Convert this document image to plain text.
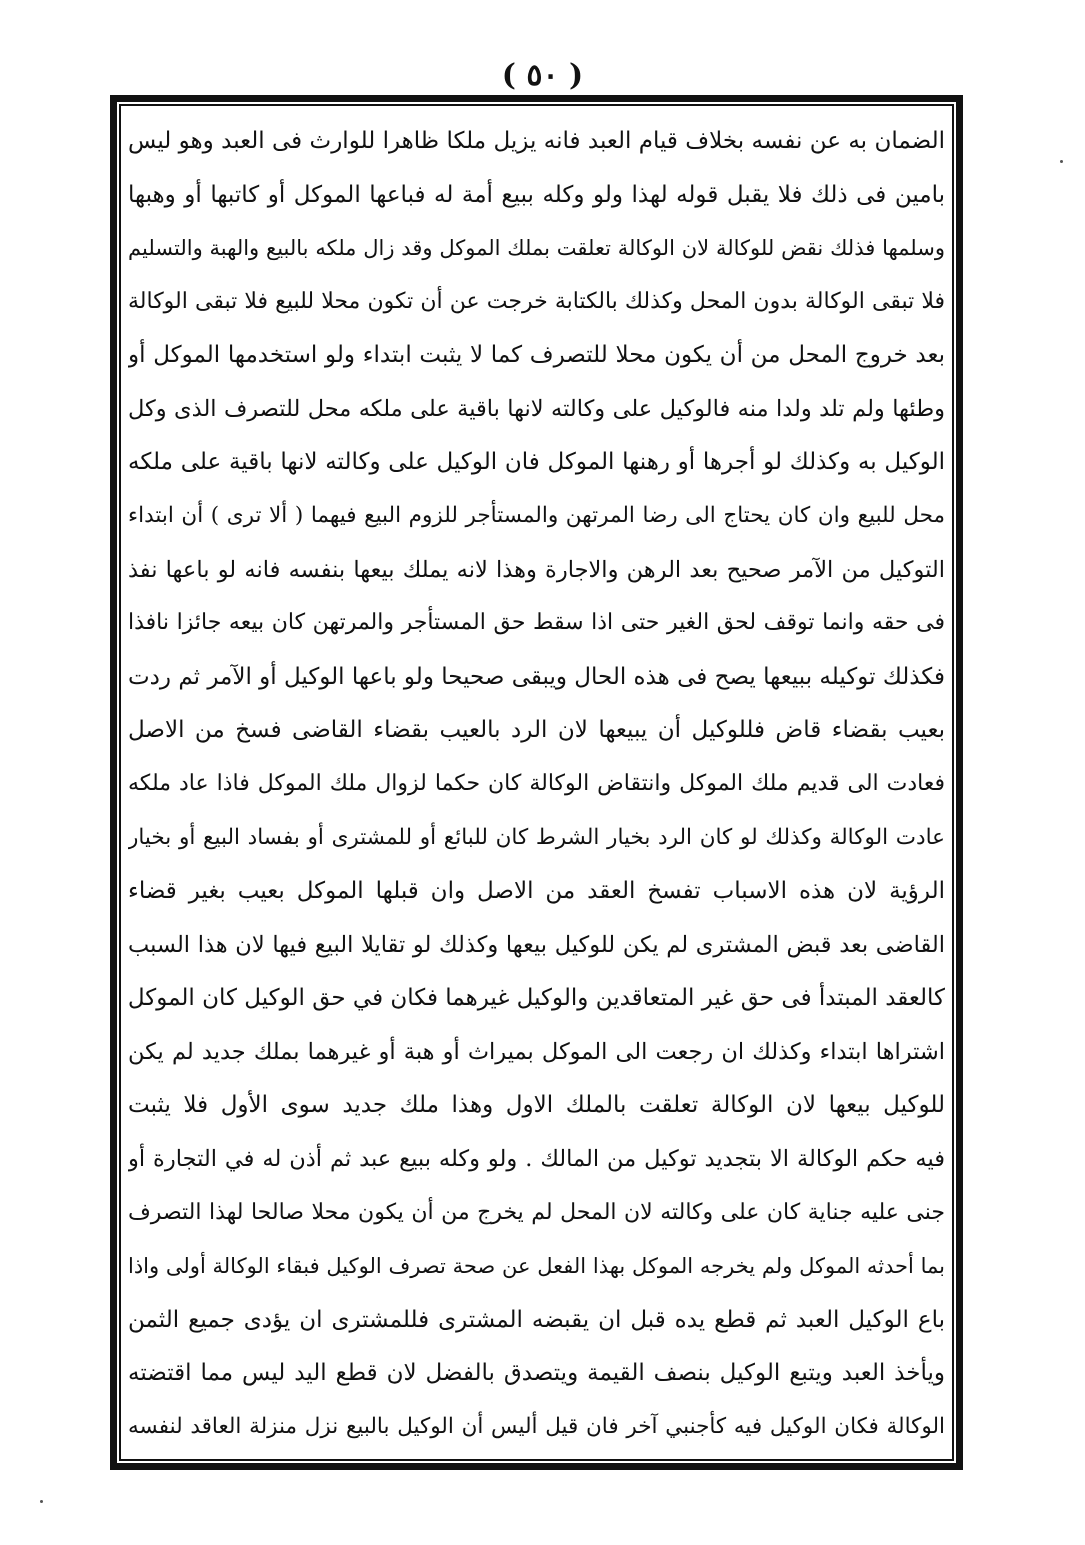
( ٥٠ )
الضمان به عن نفسه بخلاف قيام العبد فانه يزيل ملكا ظاهرا للوارث فى العبد وهو ليس
بامين فى ذلك فلا يقبل قوله لهذا ولو وكله ببيع أمة له فباعها الموكل أو كاتبها أو وهبها
وسلمها فذلك نقض للوكالة لان الوكالة تعلقت بملك الموكل وقد زال ملكه بالبيع والهبة والتسليم
فلا تبقى الوكالة بدون المحل وكذلك بالكتابة خرجت عن أن تكون محلا للبيع فلا تبقى الوكالة
بعد خروج المحل من أن يكون محلا للتصرف كما لا يثبت ابتداء ولو استخدمها الموكل أو
وطئها ولم تلد ولدا منه فالوكيل على وكالته لانها باقية على ملكه محل للتصرف الذى وكل
الوكيل به وكذلك لو أجرها أو رهنها الموكل فان الوكيل على وكالته لانها باقية على ملكه
محل للبيع وان كان يحتاج الى رضا المرتهن والمستأجر للزوم البيع فيهما ( ألا ترى ) أن ابتداء
التوكيل من الآمر صحيح بعد الرهن والاجارة وهذا لانه يملك بيعها بنفسه فانه لو باعها نفذ
فى حقه وانما توقف لحق الغير حتى اذا سقط حق المستأجر والمرتهن كان بيعه جائزا نافذا
فكذلك توكيله ببيعها يصح فى هذه الحال ويبقى صحيحا ولو باعها الوكيل أو الآمر ثم ردت
بعيب بقضاء قاض فللوكيل أن يبيعها لان الرد بالعيب بقضاء القاضى فسخ من الاصل
فعادت الى قديم ملك الموكل وانتقاض الوكالة كان حكما لزوال ملك الموكل فاذا عاد ملكه
عادت الوكالة وكذلك لو كان الرد بخيار الشرط كان للبائع أو للمشترى أو بفساد البيع أو بخيار
الرؤية لان هذه الاسباب تفسخ العقد من الاصل وان قبلها الموكل بعيب بغير قضاء
القاضى بعد قبض المشترى لم يكن للوكيل بيعها وكذلك لو تقايلا البيع فيها لان هذا السبب
كالعقد المبتدأ فى حق غير المتعاقدين والوكيل غيرهما فكان في حق الوكيل كان الموكل
اشتراها ابتداء وكذلك ان رجعت الى الموكل بميراث أو هبة أو غيرهما بملك جديد لم يكن
للوكيل بيعها لان الوكالة تعلقت بالملك الاول وهذا ملك جديد سوى الأول فلا يثبت
فيه حكم الوكالة الا بتجديد توكيل من المالك . ولو وكله ببيع عبد ثم أذن له في التجارة أو
جنى عليه جناية كان على وكالته لان المحل لم يخرج من أن يكون محلا صالحا لهذا التصرف
بما أحدثه الموكل ولم يخرجه الموكل بهذا الفعل عن صحة تصرف الوكيل فبقاء الوكالة أولى واذا
باع الوكيل العبد ثم قطع يده قبل ان يقبضه المشترى فللمشترى ان يؤدى جميع الثمن
ويأخذ العبد ويتبع الوكيل بنصف القيمة ويتصدق بالفضل لان قطع اليد ليس مما اقتضته
الوكالة فكان الوكيل فيه كأجنبي آخر فان قيل أليس أن الوكيل بالبيع نزل منزلة العاقد لنفسه
